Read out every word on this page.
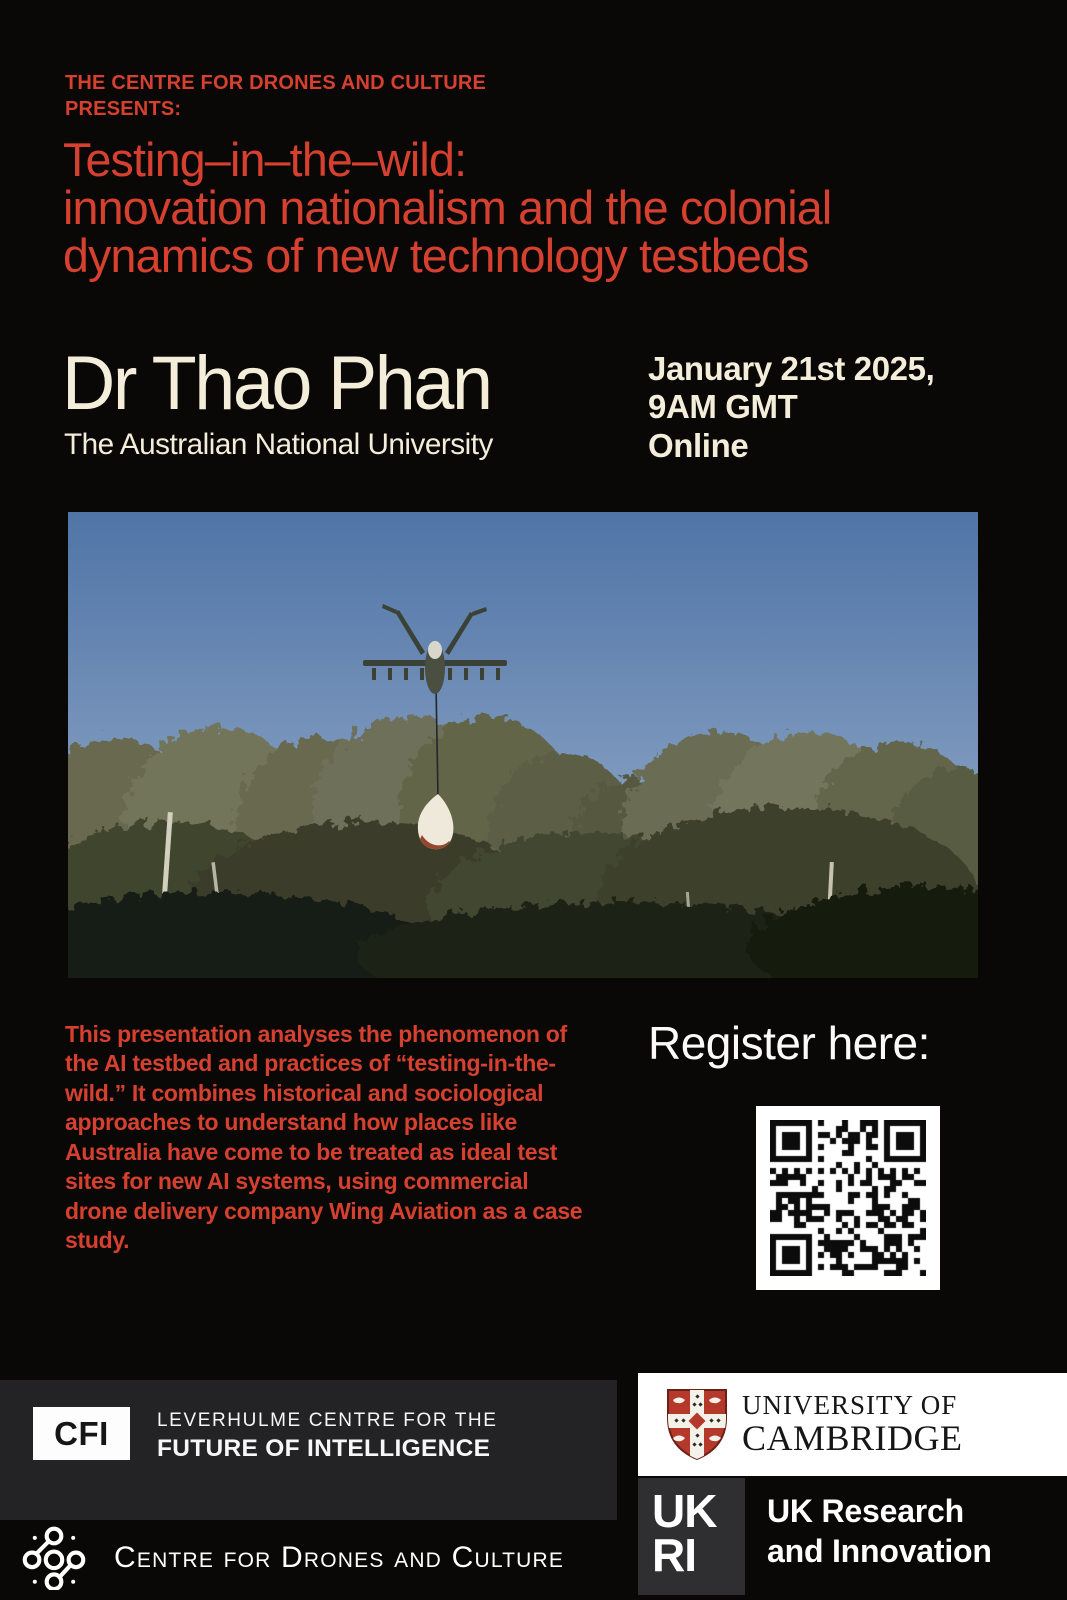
THE CENTRE FOR DRONES AND CULTURE
PRESENTS:
Testing–in–the–wild:
innovation nationalism and the colonial
dynamics of new technology testbeds
Dr Thao Phan
The Australian National University
January 21st 2025,
9AM GMT
Online
This presentation analyses the phenomenon of the AI testbed and practices of “testing-in-the-wild.” It combines historical and sociological approaches to understand how places like Australia have come to be treated as ideal test sites for new AI systems, using commercial drone delivery company Wing Aviation as a case study.
Register here:
CFI	LEVERHULME CENTRE FOR THE
FUTURE OF INTELLIGENCE
UNIVERSITY OF
CAMBRIDGE
Centre for Drones and Culture
UK
RI
UK Research
and Innovation
